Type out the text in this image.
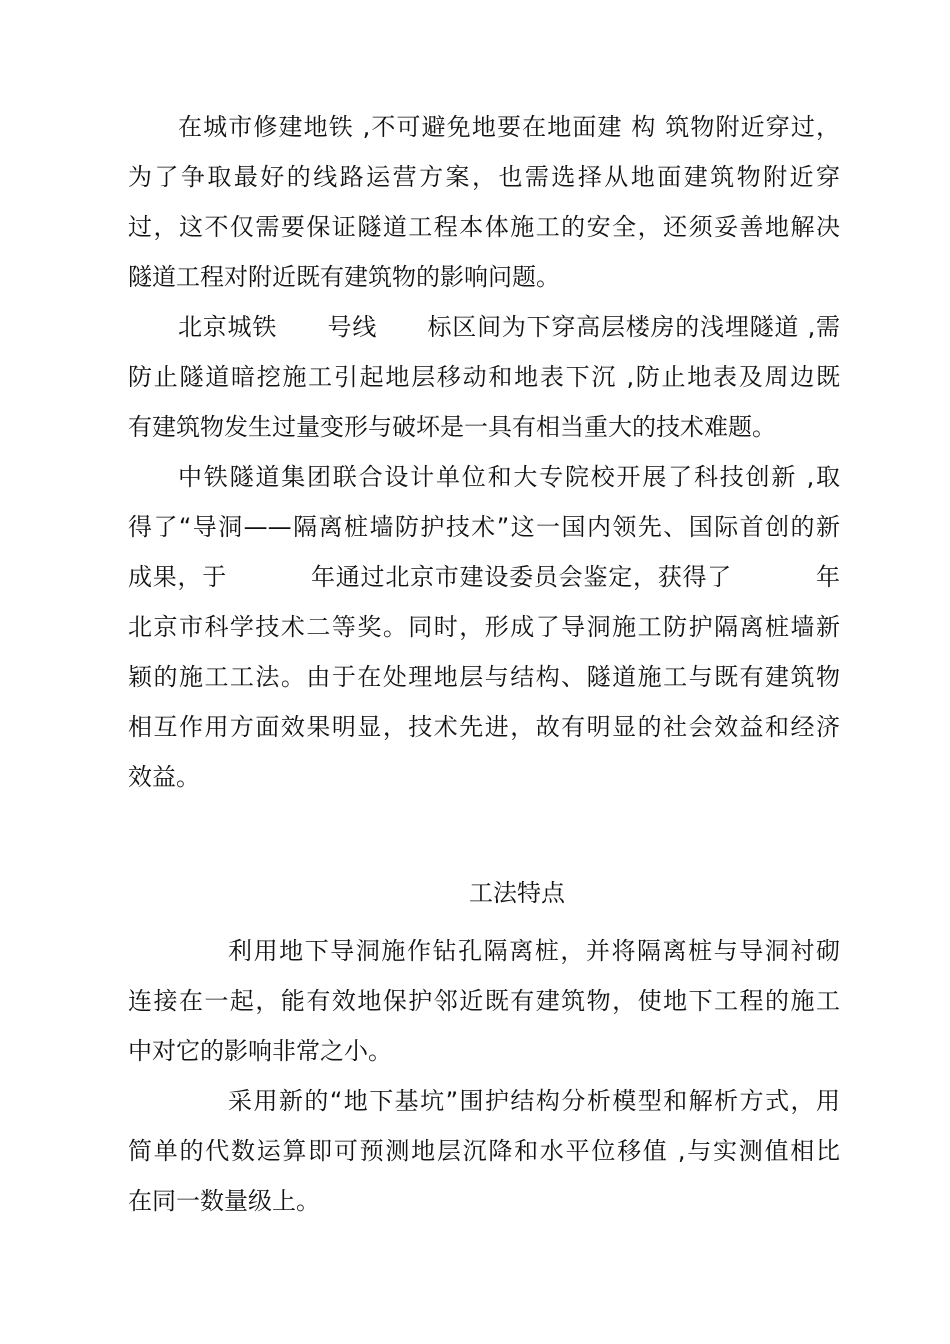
在城市修建地铁 ,不可避免地要在地面建 构 筑物附近穿过，
为了争取最好的线路运营方案，也需选择从地面建筑物附近穿
过，这不仅需要保证隧道工程本体施工的安全，还须妥善地解决
隧道工程对附近既有建筑物的影响问题。
北京城铁      号线      标区间为下穿高层楼房的浅埋隧道 ,需
防止隧道暗挖施工引起地层移动和地表下沉 ,防止地表及周边既
有建筑物发生过量变形与破坏是一具有相当重大的技术难题。
中铁隧道集团联合设计单位和大专院校开展了科技创新 ,取
得了“导洞——隔离桩墙防护技术”这一国内领先、国际首创的新
成果，于          年通过北京市建设委员会鉴定，获得了          年
北京市科学技术二等奖。同时，形成了导洞施工防护隔离桩墙新
颖的施工工法。由于在处理地层与结构、隧道施工与既有建筑物
相互作用方面效果明显，技术先进，故有明显的社会效益和经济
效益。
工法特点
利用地下导洞施作钻孔隔离桩，并将隔离桩与导洞衬砌
连接在一起，能有效地保护邻近既有建筑物，使地下工程的施工
中对它的影响非常之小。
采用新的“地下基坑”围护结构分析模型和解析方式，用
简单的代数运算即可预测地层沉降和水平位移值 ,与实测值相比
在同一数量级上。
